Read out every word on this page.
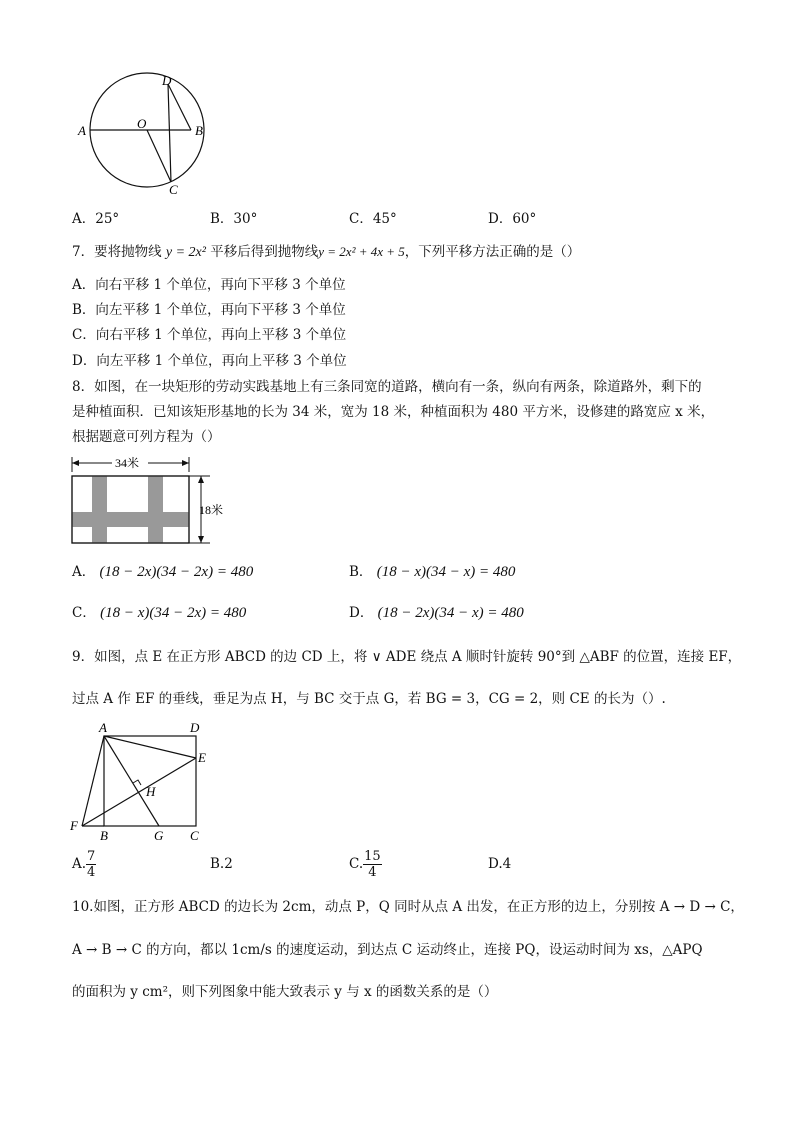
D
A	O	B
C
A．25°	B．30°	C．45°	D．60°
7．要将抛物线 y = 2x² 平移后得到抛物线y = 2x² + 4x + 5，下列平移方法正确的是（）
A．向右平移 1 个单位，再向下平移 3 个单位
B．向左平移 1 个单位，再向下平移 3 个单位
C．向右平移 1 个单位，再向上平移 3 个单位
D．向左平移 1 个单位，再向上平移 3 个单位
8．如图，在一块矩形的劳动实践基地上有三条同宽的道路，横向有一条，纵向有两条，除道路外，剩下的
是种植面积．已知该矩形基地的长为 34 米，宽为 18 米，种植面积为 480 平方米，设修建的路宽应 x 米，
根据题意可列方程为（）
34米
18米
A． (18 − 2x)(34 − 2x) = 480	B． (18 − x)(34 − x) = 480
C． (18 − x)(34 − 2x) = 480	D． (18 − 2x)(34 − x) = 480
9．如图，点 E 在正方形 ABCD 的边 CD 上，将 ∨ ADE 绕点 A 顺时针旋转 90°到 △ABF 的位置，连接 EF，
过点 A 作 EF 的垂线，垂足为点 H，与 BC 交于点 G，若 BG = 3，CG = 2，则 CE 的长为（）.
A	D
E
H
F
B	G C
A. $\frac{7}{4}$	B.2	C. $\frac{15}{4}$	D.4
10.如图，正方形 ABCD 的边长为 2cm，动点 P，Q 同时从点 A 出发，在正方形的边上，分别按 A → D → C，
A → B → C 的方向，都以 1cm/s 的速度运动，到达点 C 运动终止，连接 PQ，设运动时间为 xs，△APQ
的面积为 y cm²，则下列图象中能大致表示 y 与 x 的函数关系的是（）
